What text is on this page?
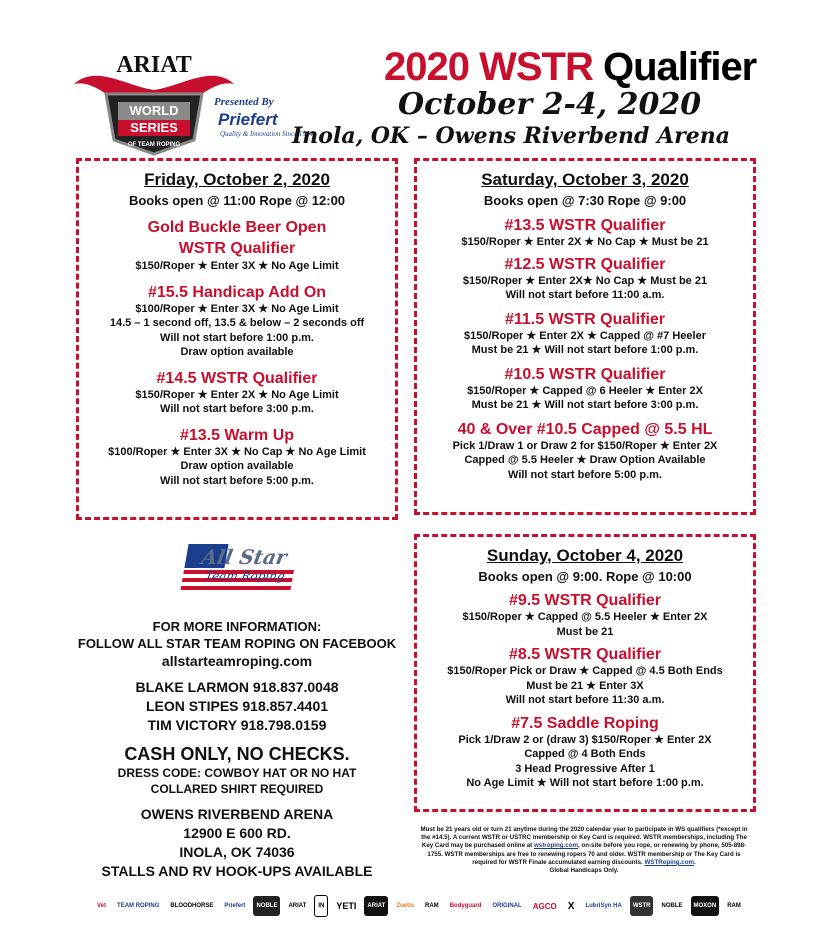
WORLD
SERIES
OF TEAM ROPING
ARIAT
Presented By
Priefert
Quality & Innovation Since 1964
2020 WSTR Qualifier
October 2-4, 2020
Inola, OK – Owens Riverbend Arena
Friday, October 2, 2020
Books open @ 11:00 Rope @ 12:00
Gold Buckle Beer Open
WSTR Qualifier
$150/Roper ★ Enter 3X ★ No Age Limit
#15.5 Handicap Add On
$100/Roper ★ Enter 3X ★ No Age Limit
14.5 – 1 second off, 13.5 & below – 2 seconds off
Will not start before 1:00 p.m.
Draw option available
#14.5 WSTR Qualifier
$150/Roper ★ Enter 2X ★ No Age Limit
Will not start before 3:00 p.m.
#13.5 Warm Up
$100/Roper ★ Enter 3X ★ No Cap ★ No Age Limit
Draw option available
Will not start before 5:00 p.m.
Saturday, October 3, 2020
Books open @ 7:30 Rope @ 9:00
#13.5 WSTR Qualifier
$150/Roper ★ Enter 2X ★ No Cap ★ Must be 21
#12.5 WSTR Qualifier
$150/Roper ★ Enter 2X★ No Cap ★ Must be 21
Will not start before 11:00 a.m.
#11.5 WSTR Qualifier
$150/Roper ★ Enter 2X ★ Capped @ #7 Heeler
Must be 21 ★ Will not start before 1:00 p.m.
#10.5 WSTR Qualifier
$150/Roper ★ Capped @ 6 Heeler ★ Enter 2X
Must be 21 ★ Will not start before 3:00 p.m.
40 & Over #10.5 Capped @ 5.5 HL
Pick 1/Draw 1 or Draw 2 for $150/Roper ★ Enter 2X
Capped @ 5.5 Heeler ★ Draw Option Available
Will not start before 5:00 p.m.
Sunday, October 4, 2020
Books open @ 9:00. Rope @ 10:00
#9.5 WSTR Qualifier
$150/Roper ★ Capped @ 5.5 Heeler ★ Enter 2X
Must be 21
#8.5 WSTR Qualifier
$150/Roper Pick or Draw ★ Capped @ 4.5 Both Ends
Must be 21 ★ Enter 3X
Will not start before 11:30 a.m.
#7.5 Saddle Roping
Pick 1/Draw 2 or (draw 3) $150/Roper ★ Enter 2X
Capped @ 4 Both Ends
3 Head Progressive After 1
No Age Limit ★ Will not start before 1:00 p.m.
All Star
Team Roping
FOR MORE INFORMATION:
FOLLOW ALL STAR TEAM ROPING ON FACEBOOK
allstarteamroping.com
BLAKE LARMON 918.837.0048
LEON STIPES 918.857.4401
TIM VICTORY 918.798.0159
CASH ONLY, NO CHECKS.
DRESS CODE: COWBOY HAT OR NO HAT
COLLARED SHIRT REQUIRED
OWENS RIVERBEND ARENA
12900 E 600 RD.
INOLA, OK 74036
STALLS AND RV HOOK-UPS AVAILABLE
Must be 21 years old or turn 21 anytime during the 2020 calendar year to participate in WS qualifiers (*except in the #14.5). A current WSTR or USTRC membership or Key Card is required. WSTR memberships, including The Key Card may be purchased online at wstroping.com, on-site before you rope, or renewing by phone, 505-898-1755. WSTR memberships are free to renewing ropers 70 and older. WSTR membership or The Key Card is required for WSTR Finale accumulated earning discounts. WSTRoping.com.
Global Handicaps Only.
Vet	TEAM ROPING	BLOODHORSE	Priefert	NOBLE	ARIAT	IN	YETI	ARIAT	Zoetis	RAM	Bodyguard	ORIGINAL	AGCO	X	LubriSyn HA	WSTR	NOBLE	MOXON	RAM
